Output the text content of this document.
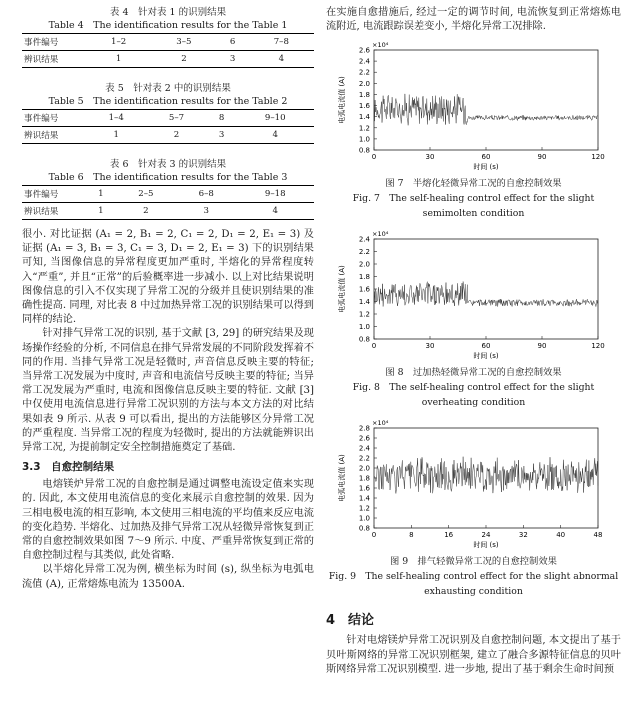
表 4　针对表 1 的识别结果
Table 4　The identification results for the Table 1
事件编号	1–2	3–5	6	7–8
辨识结果	1	2	3	4
表 5　针对表 2 中的识别结果
Table 5　The identification results for the Table 2
事件编号	1–4	5–7	8	9–10
辨识结果	1	2	3	4
表 6　针对表 3 的识别结果
Table 6　The identification results for the Table 3
事件编号	1	2–5	6–8	9–18
辨识结果	1	2	3	4

很小. 对比证据 (A₁ = 2, B₁ = 2, C₁ = 2, D₁ = 2, E₁ = 3) 及证据 (A₁ = 3, B₁ = 3, C₁ = 3, D₁ = 2, E₁ = 3) 下的识别结果可知, 当图像信息的异常程度更加严重时, 半熔化的异常程度转入“严重”, 并且“正常”的后验概率进一步减小. 以上对比结果说明图像信息的引入不仅实现了异常工况的分级并且使识别结果的准确性提高. 同理, 对比表 8 中过加热异常工况的识别结果可以得到同样的结论.

针对排气异常工况的识别, 基于文献 [3, 29] 的研究结果及现场操作经验的分析, 不同信息在排气异常发展的不同阶段发挥着不同的作用. 当排气异常工况是轻微时, 声音信息反映主要的特征; 当异常工况发展为中度时, 声音和电流信号反映主要的特征; 当异常工况发展为严重时, 电流和图像信息反映主要的特征. 文献 [3] 中仅使用电流信息进行异常工况识别的方法与本文方法的对比结果如表 9 所示. 从表 9 可以看出, 提出的方法能够区分异常工况的严重程度. 当异常工况的程度为轻微时, 提出的方法就能辨识出异常工况, 为提前制定安全控制措施奠定了基础.

3.3　自愈控制结果

电熔镁炉异常工况的自愈控制是通过调整电流设定值来实现的. 因此, 本文使用电流信息的变化来展示自愈控制的效果. 因为三相电极电流的相互影响, 本文使用三相电流的平均值来反应电流的变化趋势. 半熔化、过加热及排气异常工况从轻微异常恢复到正常的自愈控制效果如图 7～9 所示. 中度、严重异常恢复到正常的自愈控制过程与其类似, 此处省略.

以半熔化异常工况为例, 横坐标为时间 (s), 纵坐标为电弧电流值 (A), 正常熔炼电流为 13500A.

在实施自愈措施后, 经过一定的调节时间, 电流恢复到正常熔炼电流附近, 电流跟踪误差变小, 半熔化异常工况排除.

×10⁴
2.6
2.4
2.2
2.0
1.8
1.6
1.4
1.2
1.0
0.8
0	30	60	90	120
时间 (s)
电弧电流值 (A)
图 7　半熔化轻微异常工况的自愈控制效果
Fig. 7　The self-healing control effect for the slight semimolten condition
×10⁴
2.4
2.2
2.0
1.8
1.6
1.4
1.2
1.0
0.8
0	30	60	90	120
时间 (s)
电弧电流值 (A)
图 8　过加热轻微异常工况的自愈控制效果
Fig. 8　The self-healing control effect for the slight overheating condition
×10⁴
2.8
2.6
2.4
2.2
2.0
1.8
1.6
1.4
1.2
1.0
0.8
0	8	16	24	32	40	48
时间 (s)
电弧电流值 (A)
图 9　排气轻微异常工况的自愈控制效果
Fig. 9　The self-healing control effect for the slight abnormal exhausting condition
4　结论

针对电熔镁炉异常工况识别及自愈控制问题, 本文提出了基于贝叶斯网络的异常工况识别框架, 建立了融合多源特征信息的贝叶斯网络异常工况识别模型. 进一步地, 提出了基于剩余生命时间预
